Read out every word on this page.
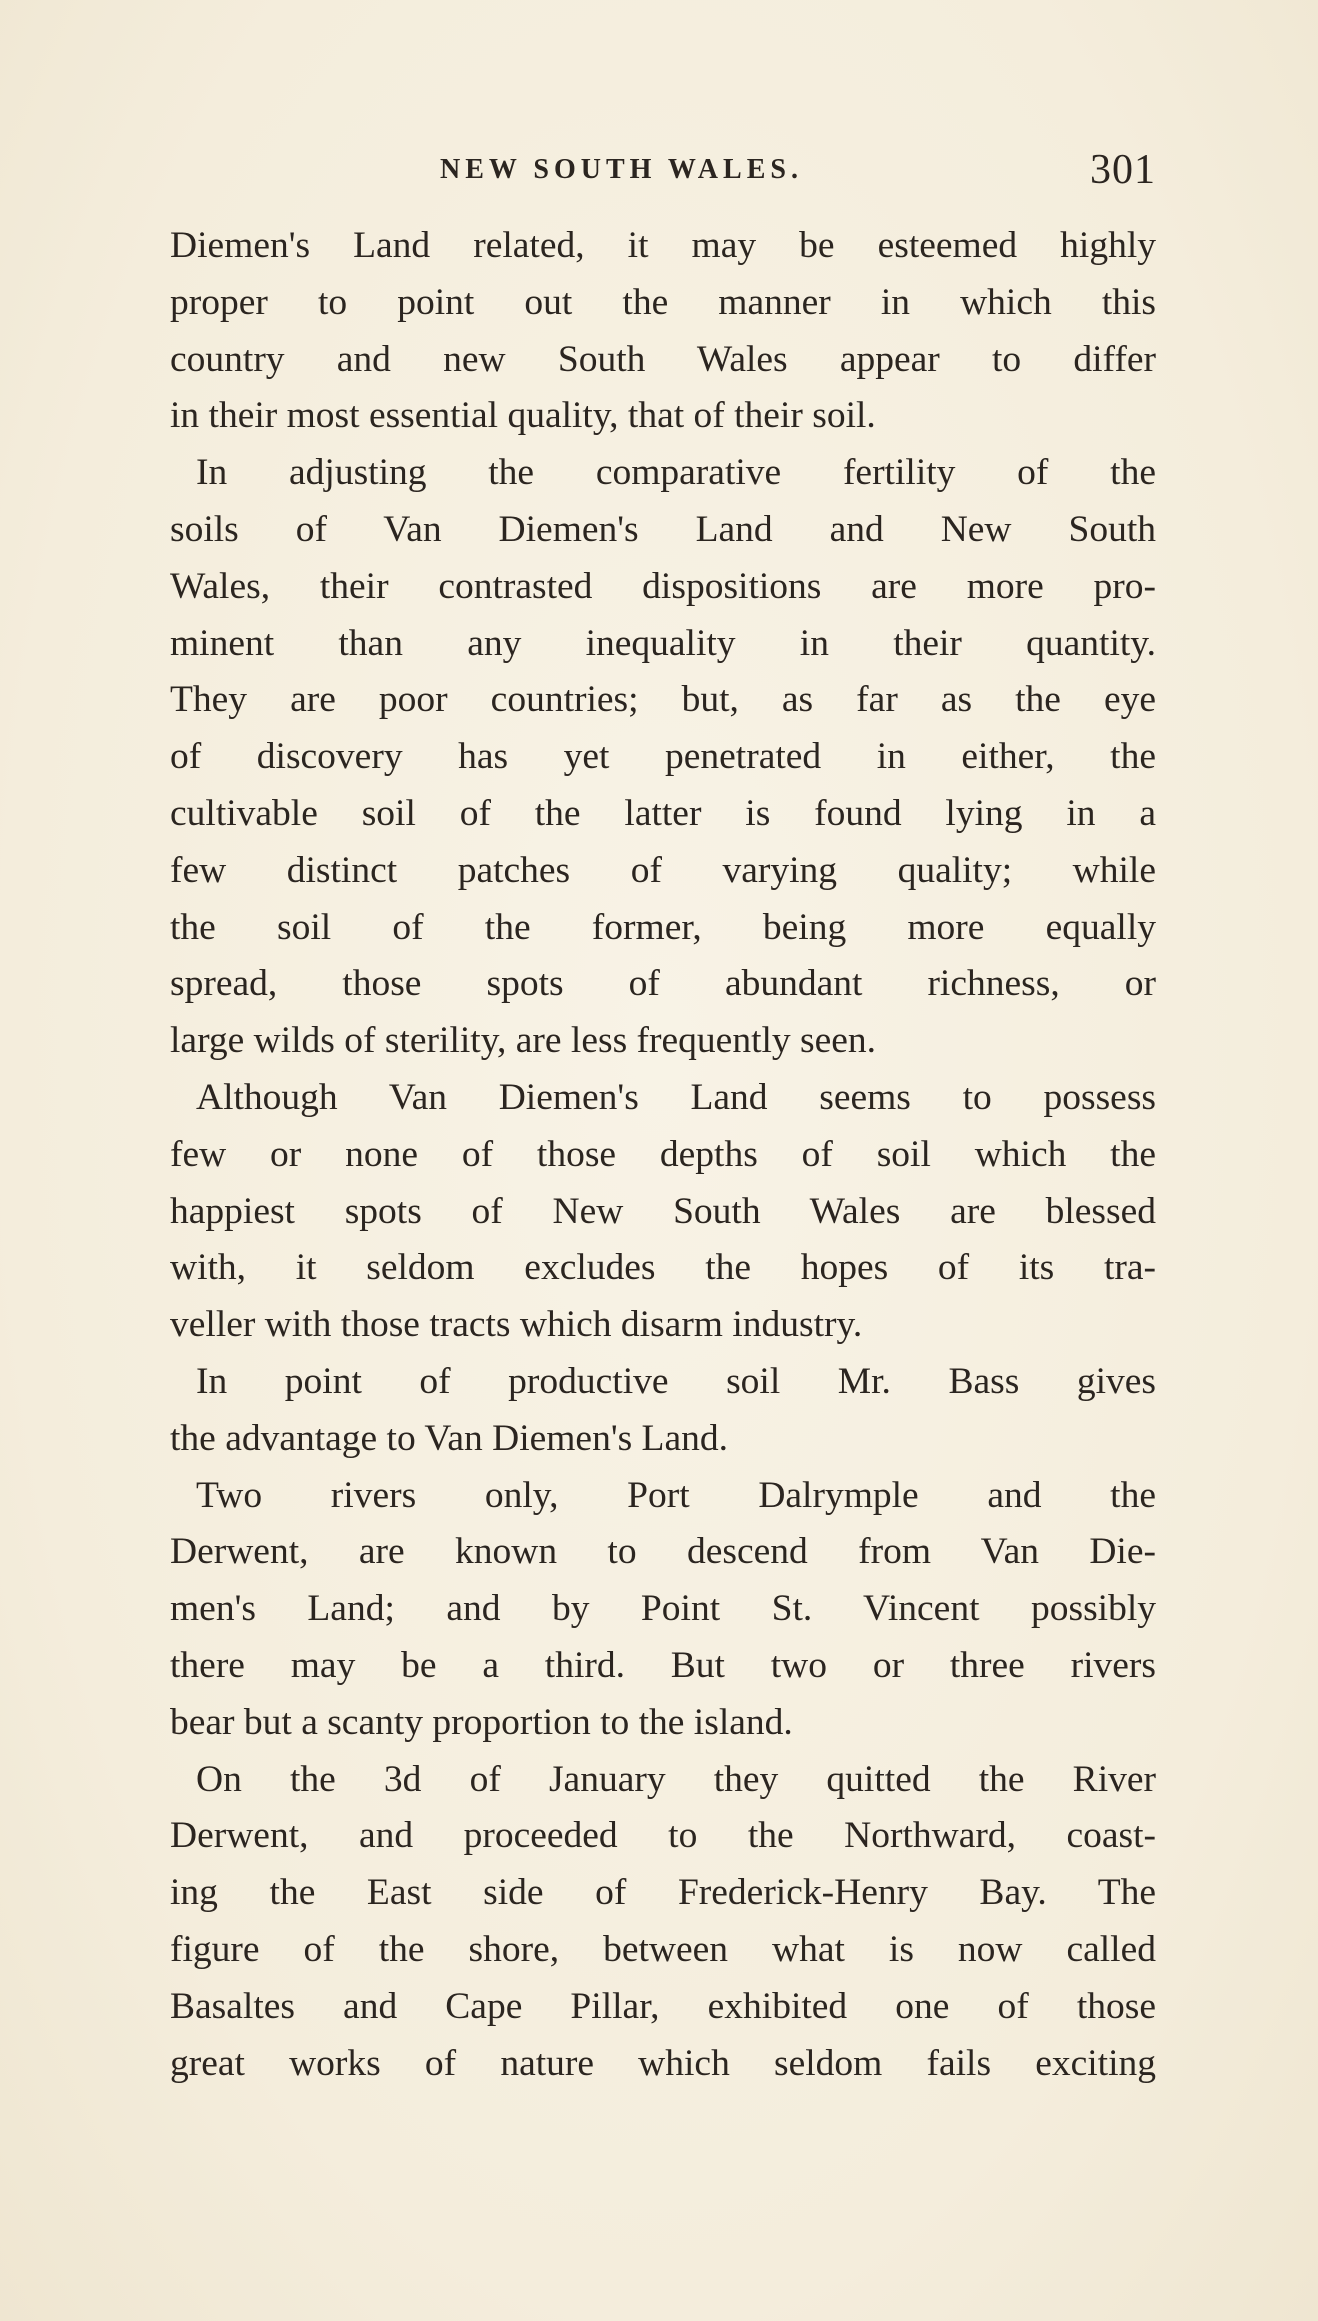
NEW SOUTH WALES.	301
Diemen's Land related, it may be esteemed highly
proper to point out the manner in which this
country and new South Wales appear to differ
in their most essential quality, that of their soil.
In adjusting the comparative fertility of the
soils of Van Diemen's Land and New South
Wales, their contrasted dispositions are more pro-
minent than any inequality in their quantity.
They are poor countries; but, as far as the eye
of discovery has yet penetrated in either, the
cultivable soil of the latter is found lying in a
few distinct patches of varying quality; while
the soil of the former, being more equally
spread, those spots of abundant richness, or
large wilds of sterility, are less frequently seen.
Although Van Diemen's Land seems to possess
few or none of those depths of soil which the
happiest spots of New South Wales are blessed
with, it seldom excludes the hopes of its tra-
veller with those tracts which disarm industry.
In point of productive soil Mr. Bass gives
the advantage to Van Diemen's Land.
Two rivers only, Port Dalrymple and the
Derwent, are known to descend from Van Die-
men's Land; and by Point St. Vincent possibly
there may be a third. But two or three rivers
bear but a scanty proportion to the island.
On the 3d of January they quitted the River
Derwent, and proceeded to the Northward, coast-
ing the East side of Frederick-Henry Bay. The
figure of the shore, between what is now called
Basaltes and Cape Pillar, exhibited one of those
great works of nature which seldom fails exciting
